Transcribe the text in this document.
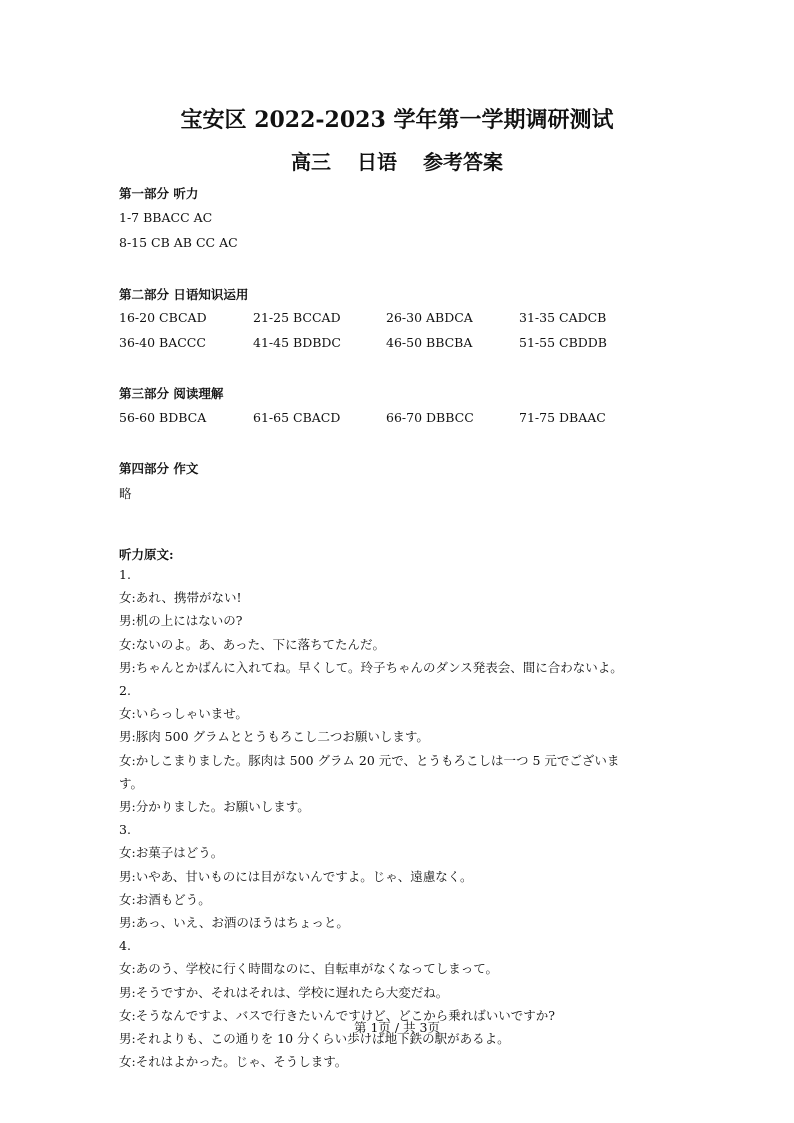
宝安区 2022-2023 学年第一学期调研测试
高三 日语 参考答案
第一部分 听力
1-7 BBACC AC
8-15 CB AB CC AC
第二部分 日语知识运用
16-20 CBCAD	21-25 BCCAD	26-30 ABDCA	31-35 CADCB
36-40 BACCC	41-45 BDBDC	46-50 BBCBA	51-55 CBDDB
第三部分 阅读理解
56-60 BDBCA	61-65 CBACD	66-70 DBBCC	71-75 DBAAC
第四部分 作文
略
听力原文:
1.
女:あれ、携帯がない!
男:机の上にはないの?
女:ないのよ。あ、あった、下に落ちてたんだ。
男:ちゃんとかばんに入れてね。早くして。玲子ちゃんのダンス発表会、間に合わないよ。
2.
女:いらっしゃいませ。
男:豚肉 500 グラムととうもろこし二つお願いします。
女:かしこまりました。豚肉は 500 グラム 20 元で、とうもろこしは一つ 5 元でございま
す。
男:分かりました。お願いします。
3.
女:お菓子はどう。
男:いやあ、甘いものには目がないんですよ。じゃ、遠慮なく。
女:お酒もどう。
男:あっ、いえ、お酒のほうはちょっと。
4.
女:あのう、学校に行く時間なのに、自転車がなくなってしまって。
男:そうですか、それはそれは、学校に遅れたら大変だね。
女:そうなんですよ、バスで行きたいんですけど、どこから乗ればいいですか?
男:それよりも、この通りを 10 分くらい歩けば地下鉄の駅があるよ。
女:それはよかった。じゃ、そうします。
第 1页 / 共 3页
